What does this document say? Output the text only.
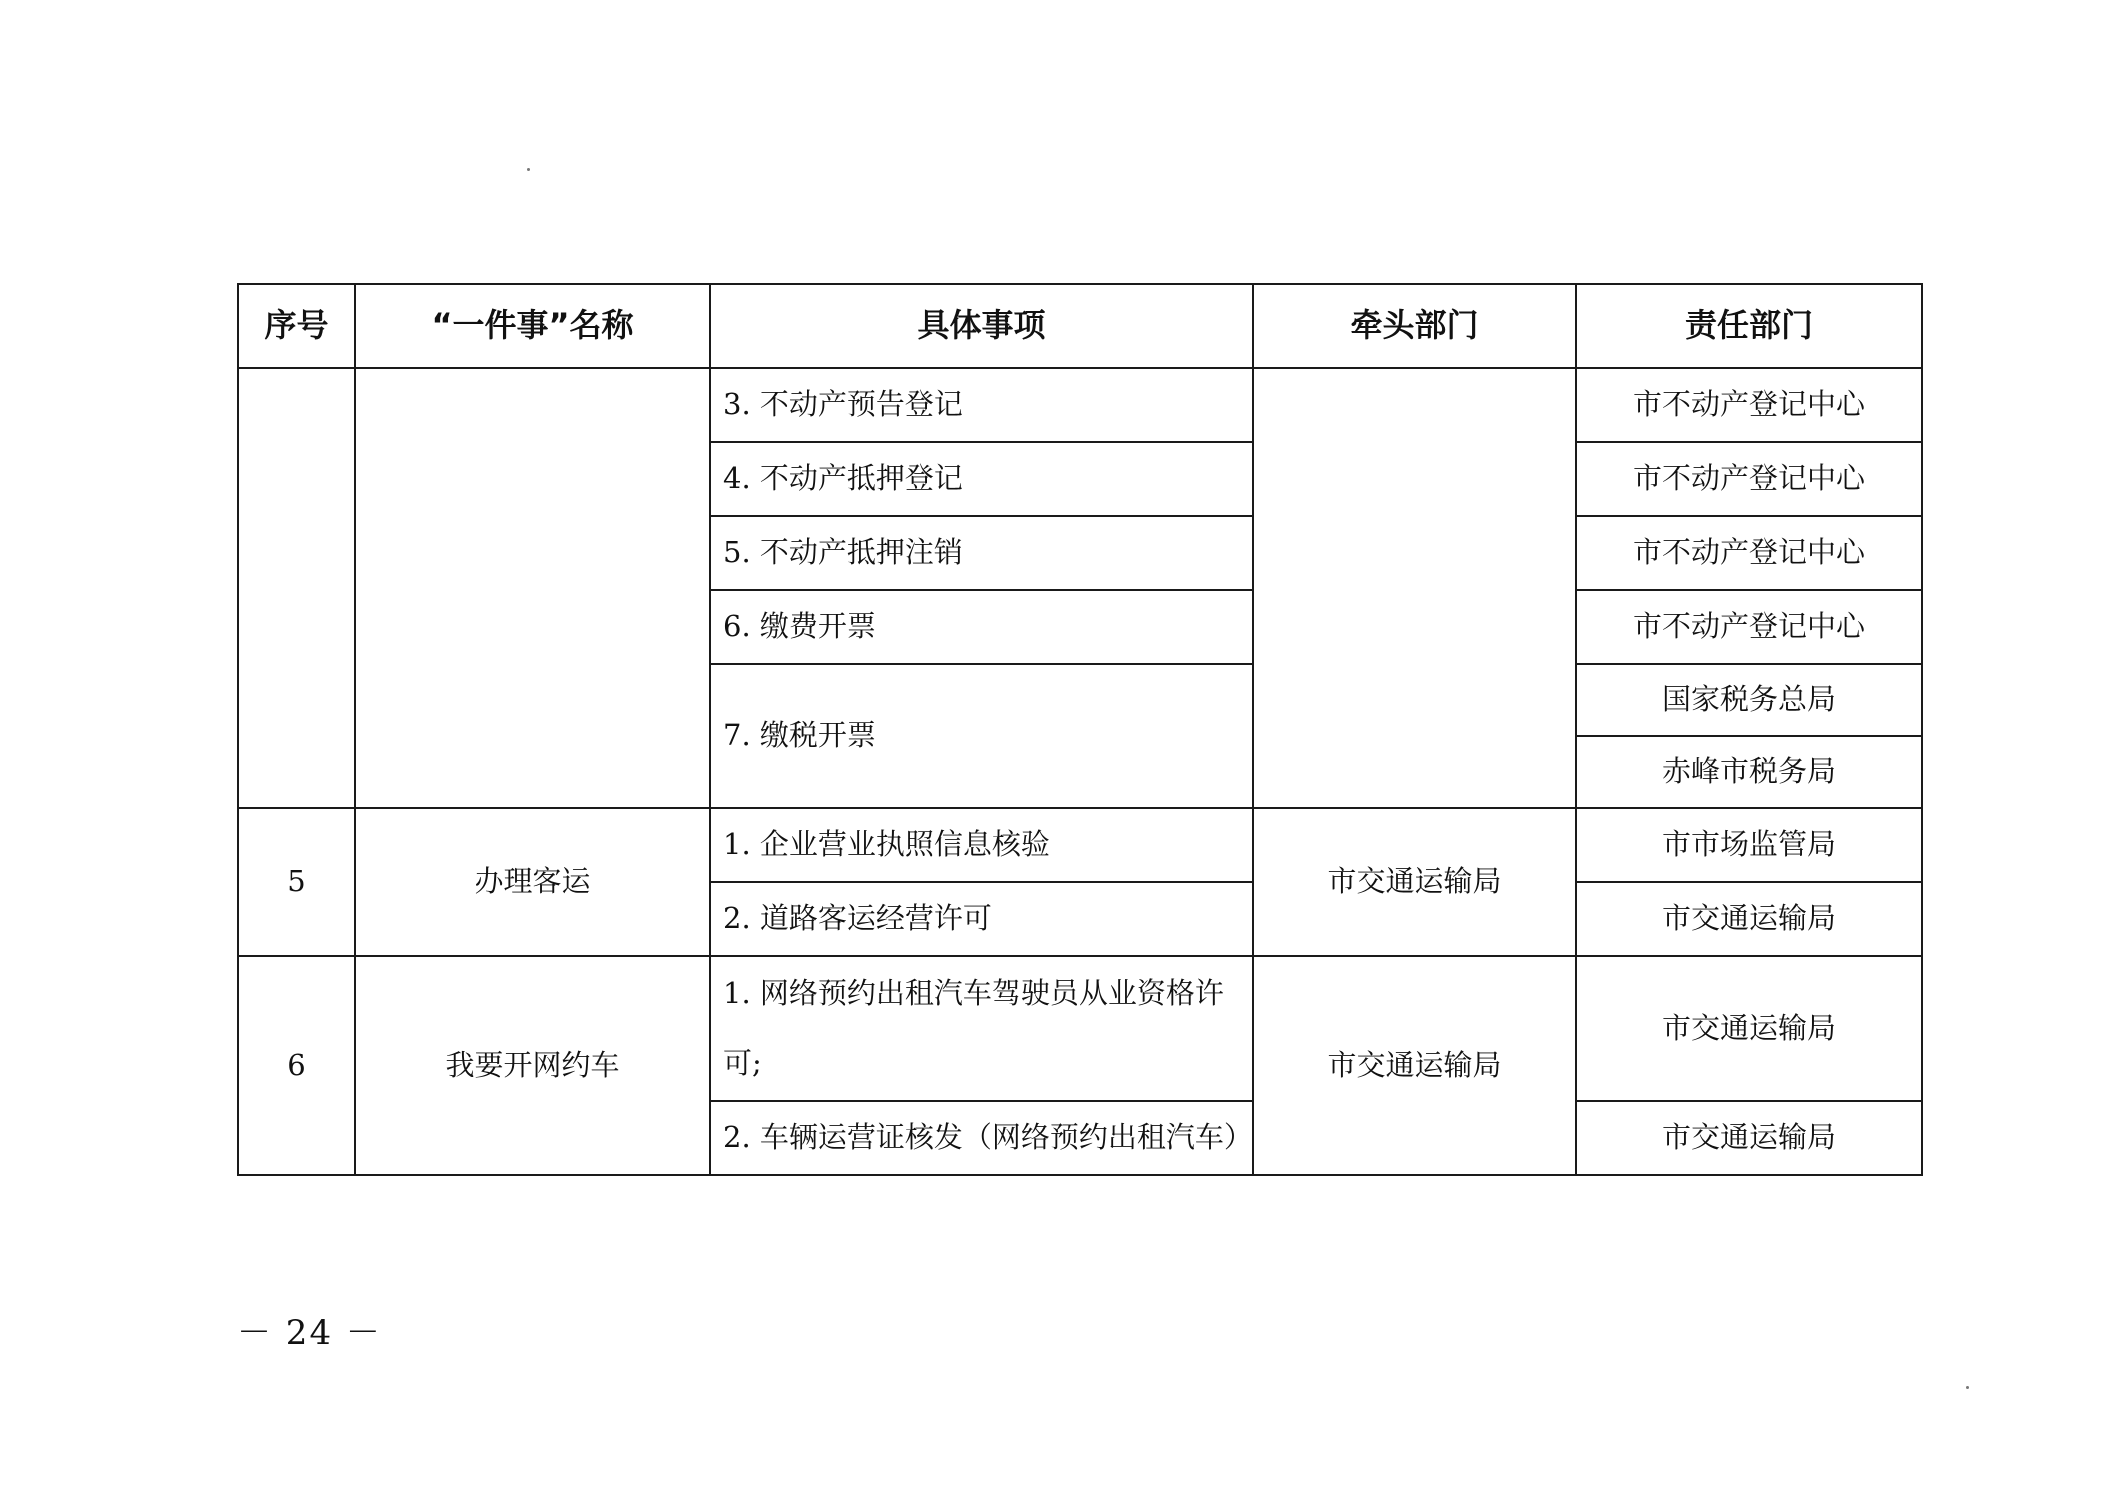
序号	“一件事”名称	具体事项	牵头部门	责任部门
		3. 不动产预告登记		市不动产登记中心
		4. 不动产抵押登记		市不动产登记中心
		5. 不动产抵押注销		市不动产登记中心
		6. 缴费开票		市不动产登记中心
		7. 缴税开票		国家税务总局

				赤峰市税务局

5	办理客运	1. 企业营业执照信息核验	市交通运输局	市市场监管局
		2. 道路客运经营许可		市交通运输局
6	我要开网约车	1. 网络预约出租汽车驾驶员从业资格许可;	市交通运输局	市交通运输局
		2. 车辆运营证核发（网络预约出租汽车）		市交通运输局
－ 24 －
